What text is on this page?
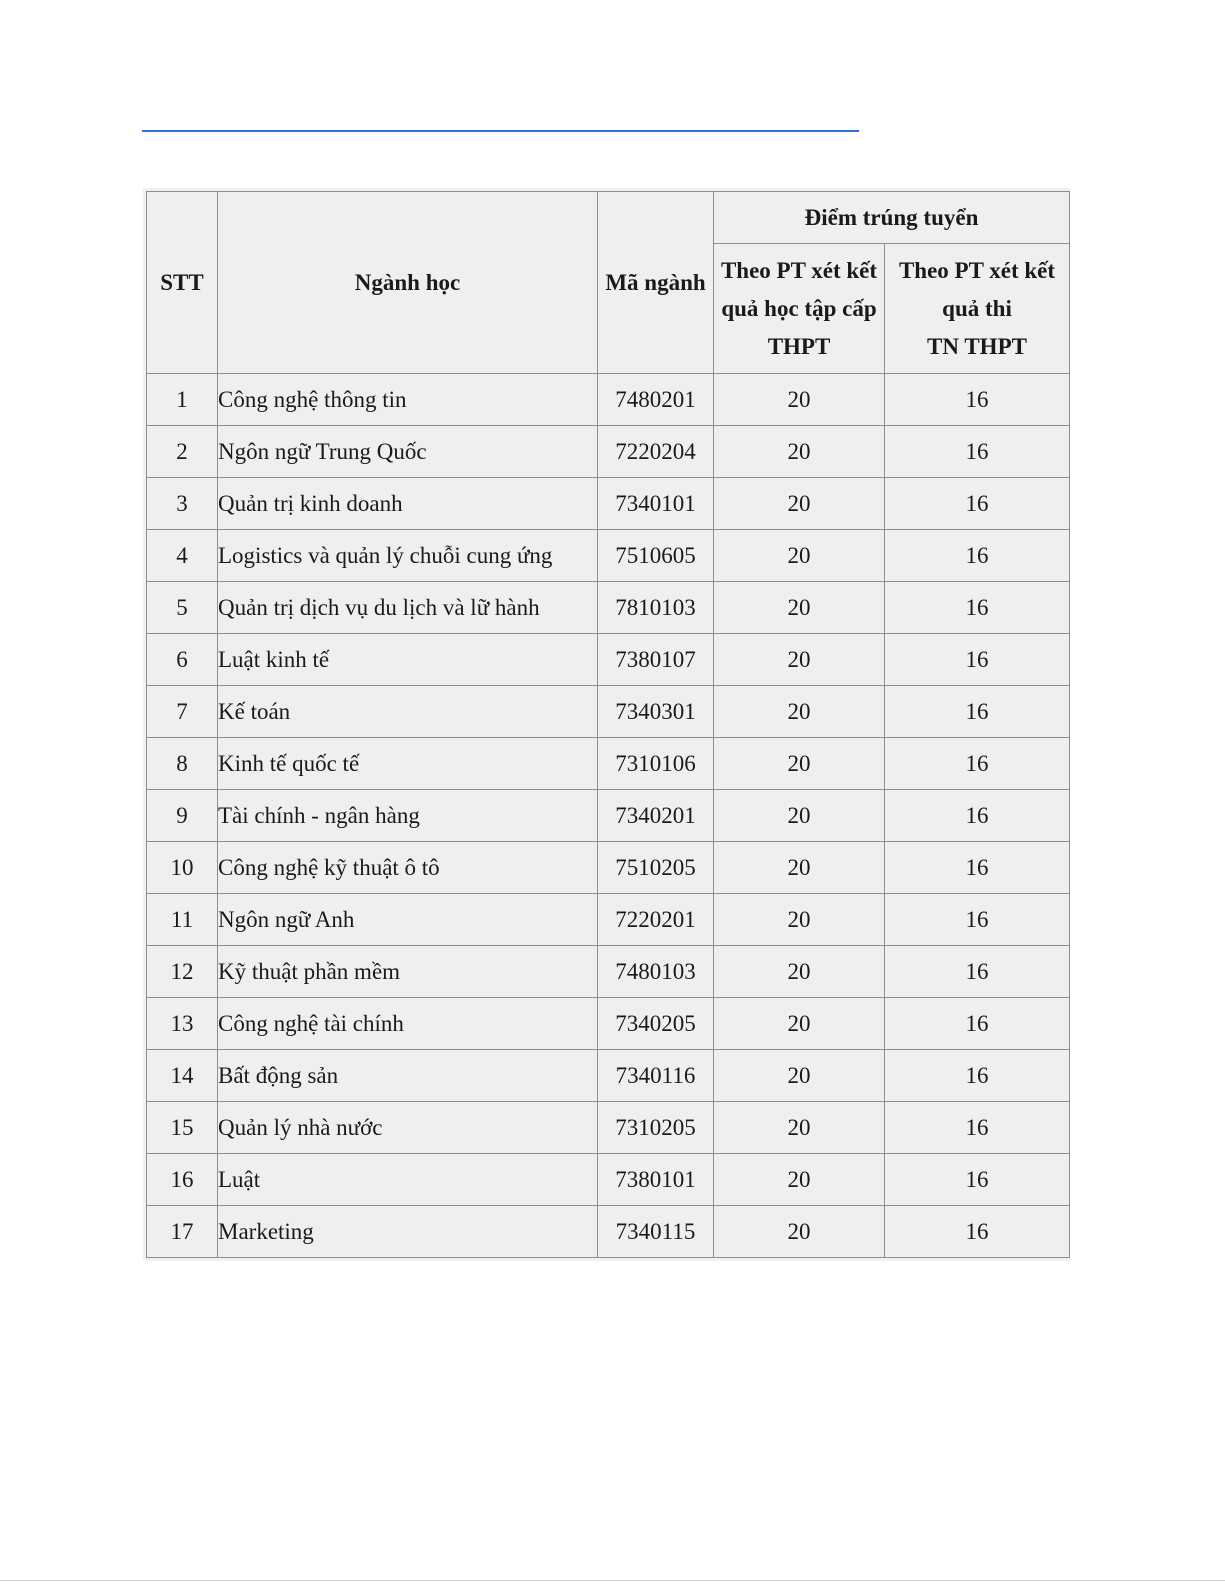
STT	Ngành học	Mã ngành	Điểm trúng tuyển	
			Theo PT xét kết
quả học tập cấp
THPT	Theo PT xét kết
quả thi
TN THPT
1	Công nghệ thông tin	7480201	20	16
2	Ngôn ngữ Trung Quốc	7220204	20	16
3	Quản trị kinh doanh	7340101	20	16
4	Logistics và quản lý chuỗi cung ứng	7510605	20	16
5	Quản trị dịch vụ du lịch và lữ hành	7810103	20	16
6	Luật kinh tế	7380107	20	16
7	Kế toán	7340301	20	16
8	Kinh tế quốc tế	7310106	20	16
9	Tài chính - ngân hàng	7340201	20	16
10	Công nghệ kỹ thuật ô tô	7510205	20	16
11	Ngôn ngữ Anh	7220201	20	16
12	Kỹ thuật phần mềm	7480103	20	16
13	Công nghệ tài chính	7340205	20	16
14	Bất động sản	7340116	20	16
15	Quản lý nhà nước	7310205	20	16
16	Luật	7380101	20	16
17	Marketing	7340115	20	16
